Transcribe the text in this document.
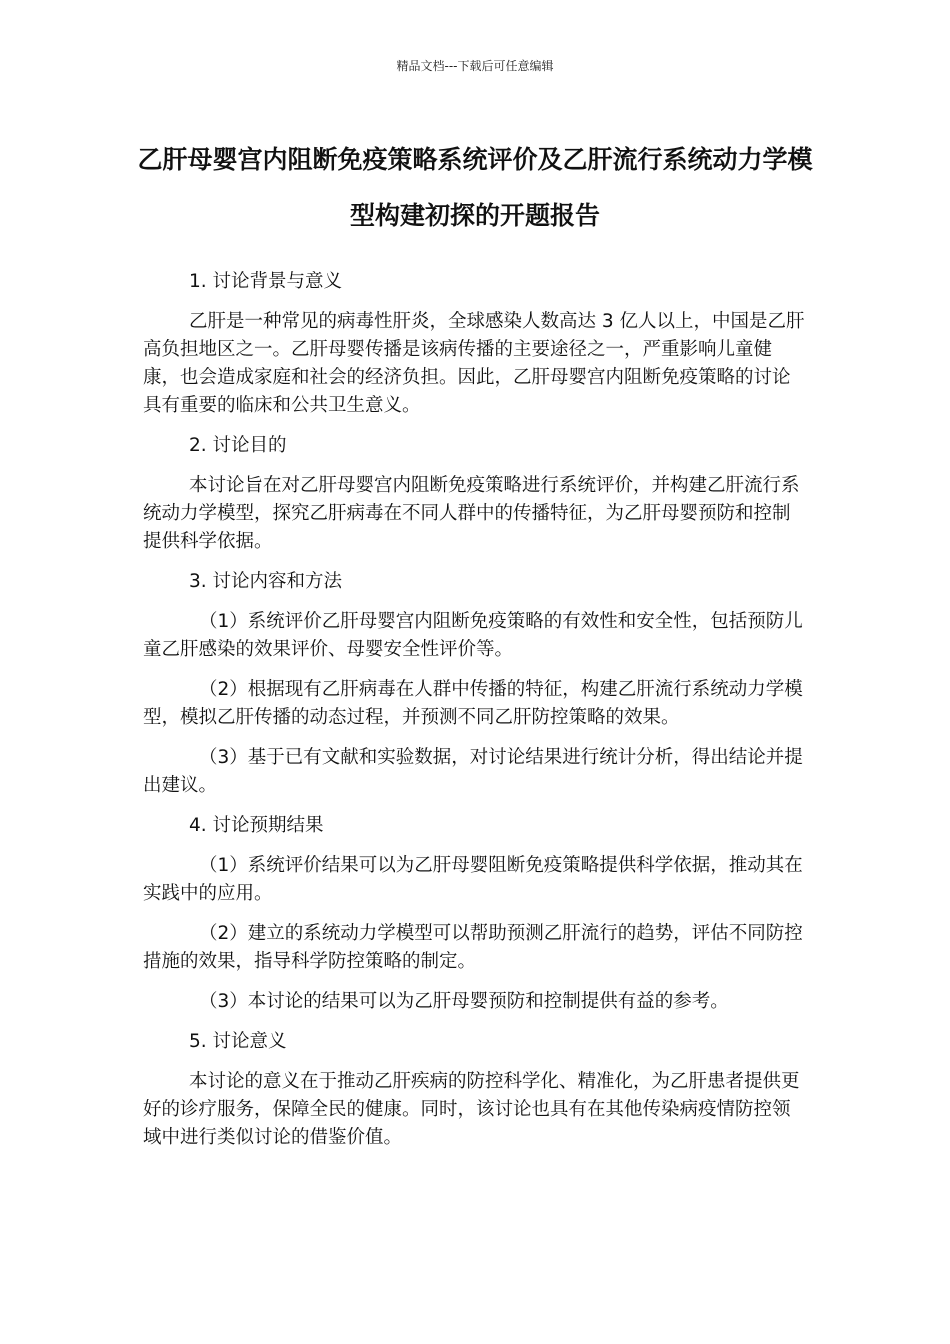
精品文档---下载后可任意编辑
乙肝母婴宫内阻断免疫策略系统评价及乙肝流行系统动力学模型构建初探的开题报告

1. 讨论背景与意义

乙肝是一种常见的病毒性肝炎，全球感染人数高达 3 亿人以上，中国是乙肝高负担地区之一。乙肝母婴传播是该病传播的主要途径之一，严重影响儿童健康，也会造成家庭和社会的经济负担。因此，乙肝母婴宫内阻断免疫策略的讨论具有重要的临床和公共卫生意义。

2. 讨论目的

本讨论旨在对乙肝母婴宫内阻断免疫策略进行系统评价，并构建乙肝流行系统动力学模型，探究乙肝病毒在不同人群中的传播特征，为乙肝母婴预防和控制提供科学依据。

3. 讨论内容和方法

（1）系统评价乙肝母婴宫内阻断免疫策略的有效性和安全性，包括预防儿童乙肝感染的效果评价、母婴安全性评价等。

（2）根据现有乙肝病毒在人群中传播的特征，构建乙肝流行系统动力学模型，模拟乙肝传播的动态过程，并预测不同乙肝防控策略的效果。

（3）基于已有文献和实验数据，对讨论结果进行统计分析，得出结论并提出建议。

4. 讨论预期结果

（1）系统评价结果可以为乙肝母婴阻断免疫策略提供科学依据，推动其在实践中的应用。

（2）建立的系统动力学模型可以帮助预测乙肝流行的趋势，评估不同防控措施的效果，指导科学防控策略的制定。

（3）本讨论的结果可以为乙肝母婴预防和控制提供有益的参考。

5. 讨论意义

本讨论的意义在于推动乙肝疾病的防控科学化、精准化，为乙肝患者提供更好的诊疗服务，保障全民的健康。同时，该讨论也具有在其他传染病疫情防控领域中进行类似讨论的借鉴价值。
